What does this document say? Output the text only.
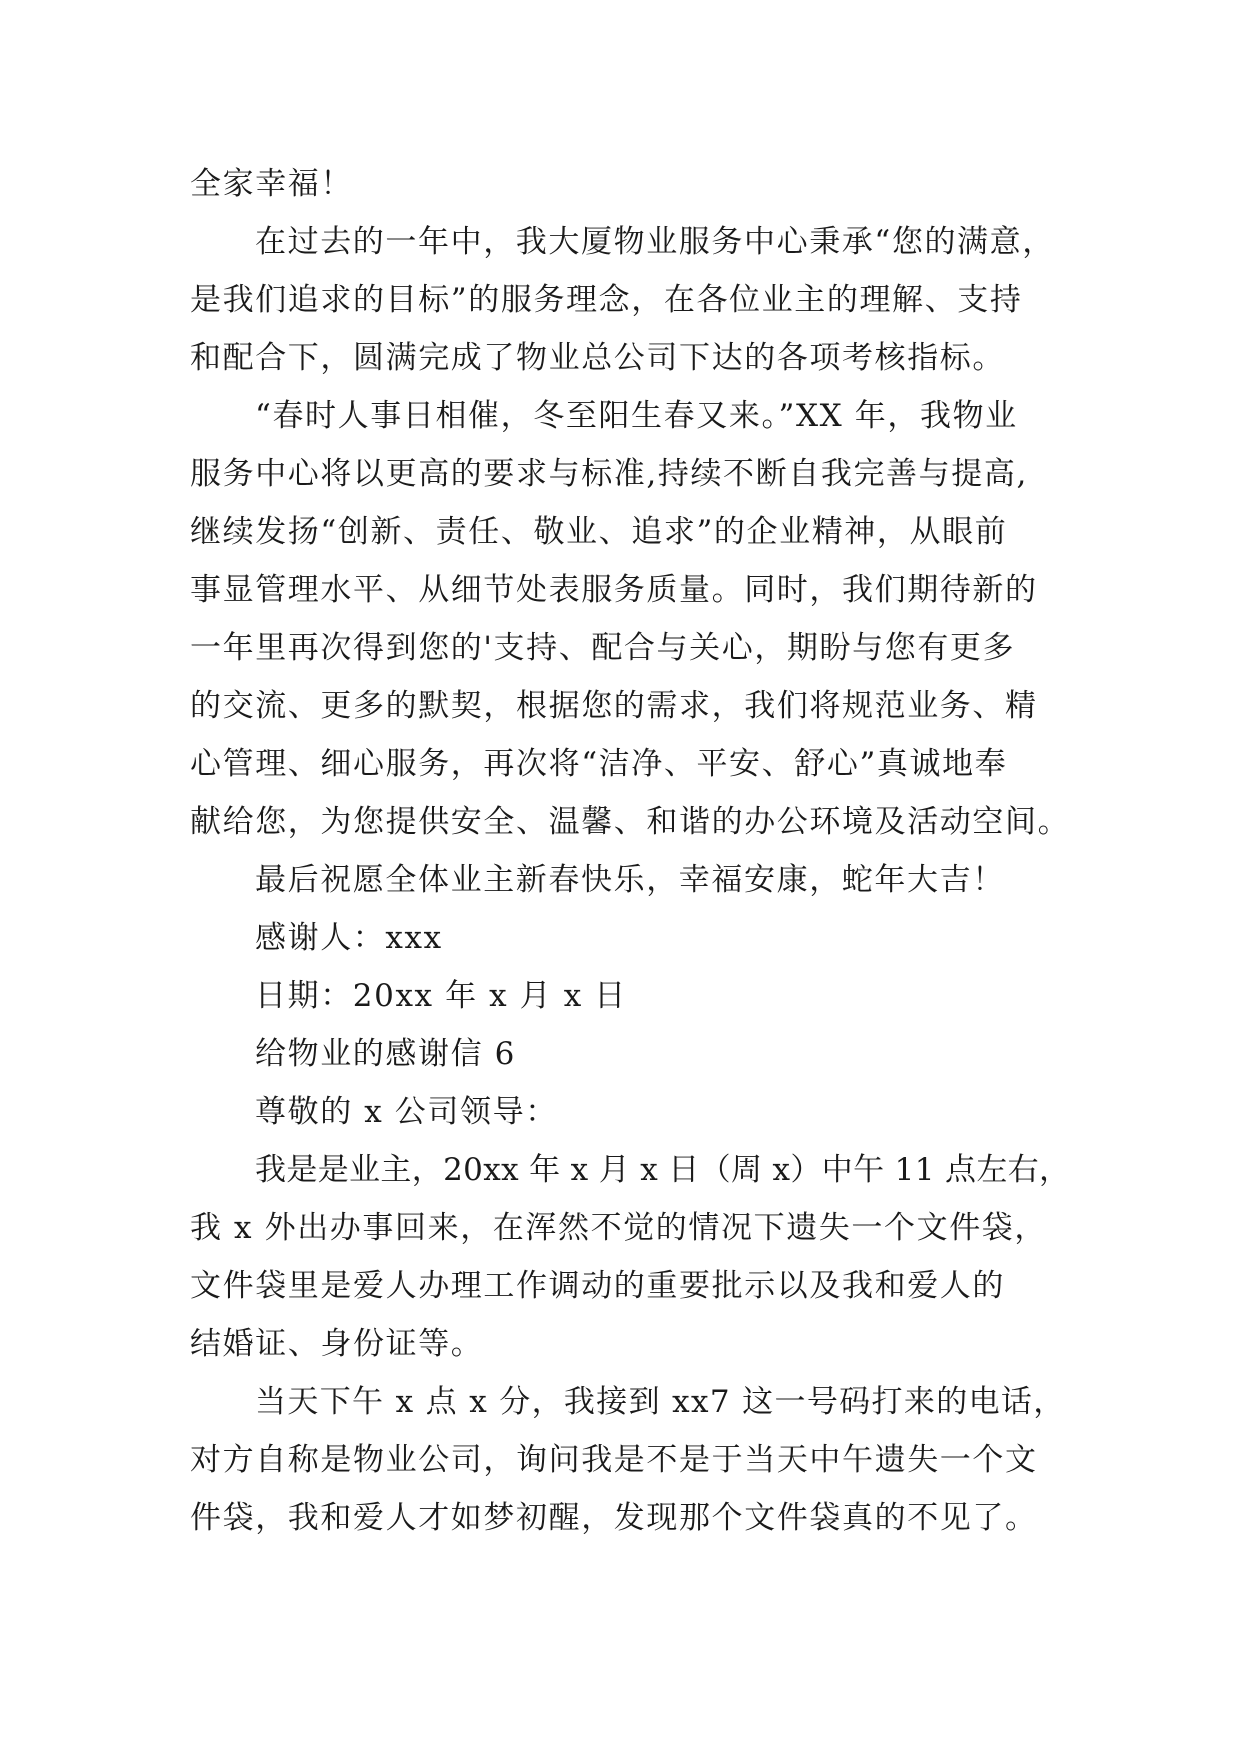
全家幸福！
在过去的一年中，我大厦物业服务中心秉承“您的满意，
是我们追求的目标”的服务理念，在各位业主的理解、支持
和配合下，圆满完成了物业总公司下达的各项考核指标。
“春时人事日相催，冬至阳生春又来。”XX 年，我物业
服务中心将以更高的要求与标准,持续不断自我完善与提高,
继续发扬“创新、责任、敬业、追求”的企业精神，从眼前
事显管理水平、从细节处表服务质量。同时，我们期待新的
一年里再次得到您的'支持、配合与关心，期盼与您有更多
的交流、更多的默契，根据您的需求，我们将规范业务、精
心管理、细心服务，再次将“洁净、平安、舒心”真诚地奉
献给您，为您提供安全、温馨、和谐的办公环境及活动空间。
最后祝愿全体业主新春快乐，幸福安康，蛇年大吉！
感谢人：xxx
日期：20xx 年 x 月 x 日
给物业的感谢信 6
尊敬的 x 公司领导：
我是是业主，20xx 年 x 月 x 日（周 x）中午 11 点左右，
我 x 外出办事回来，在浑然不觉的情况下遗失一个文件袋，
文件袋里是爱人办理工作调动的重要批示以及我和爱人的
结婚证、身份证等。
当天下午 x 点 x 分，我接到 xx7 这一号码打来的电话，
对方自称是物业公司，询问我是不是于当天中午遗失一个文
件袋，我和爱人才如梦初醒，发现那个文件袋真的不见了。
